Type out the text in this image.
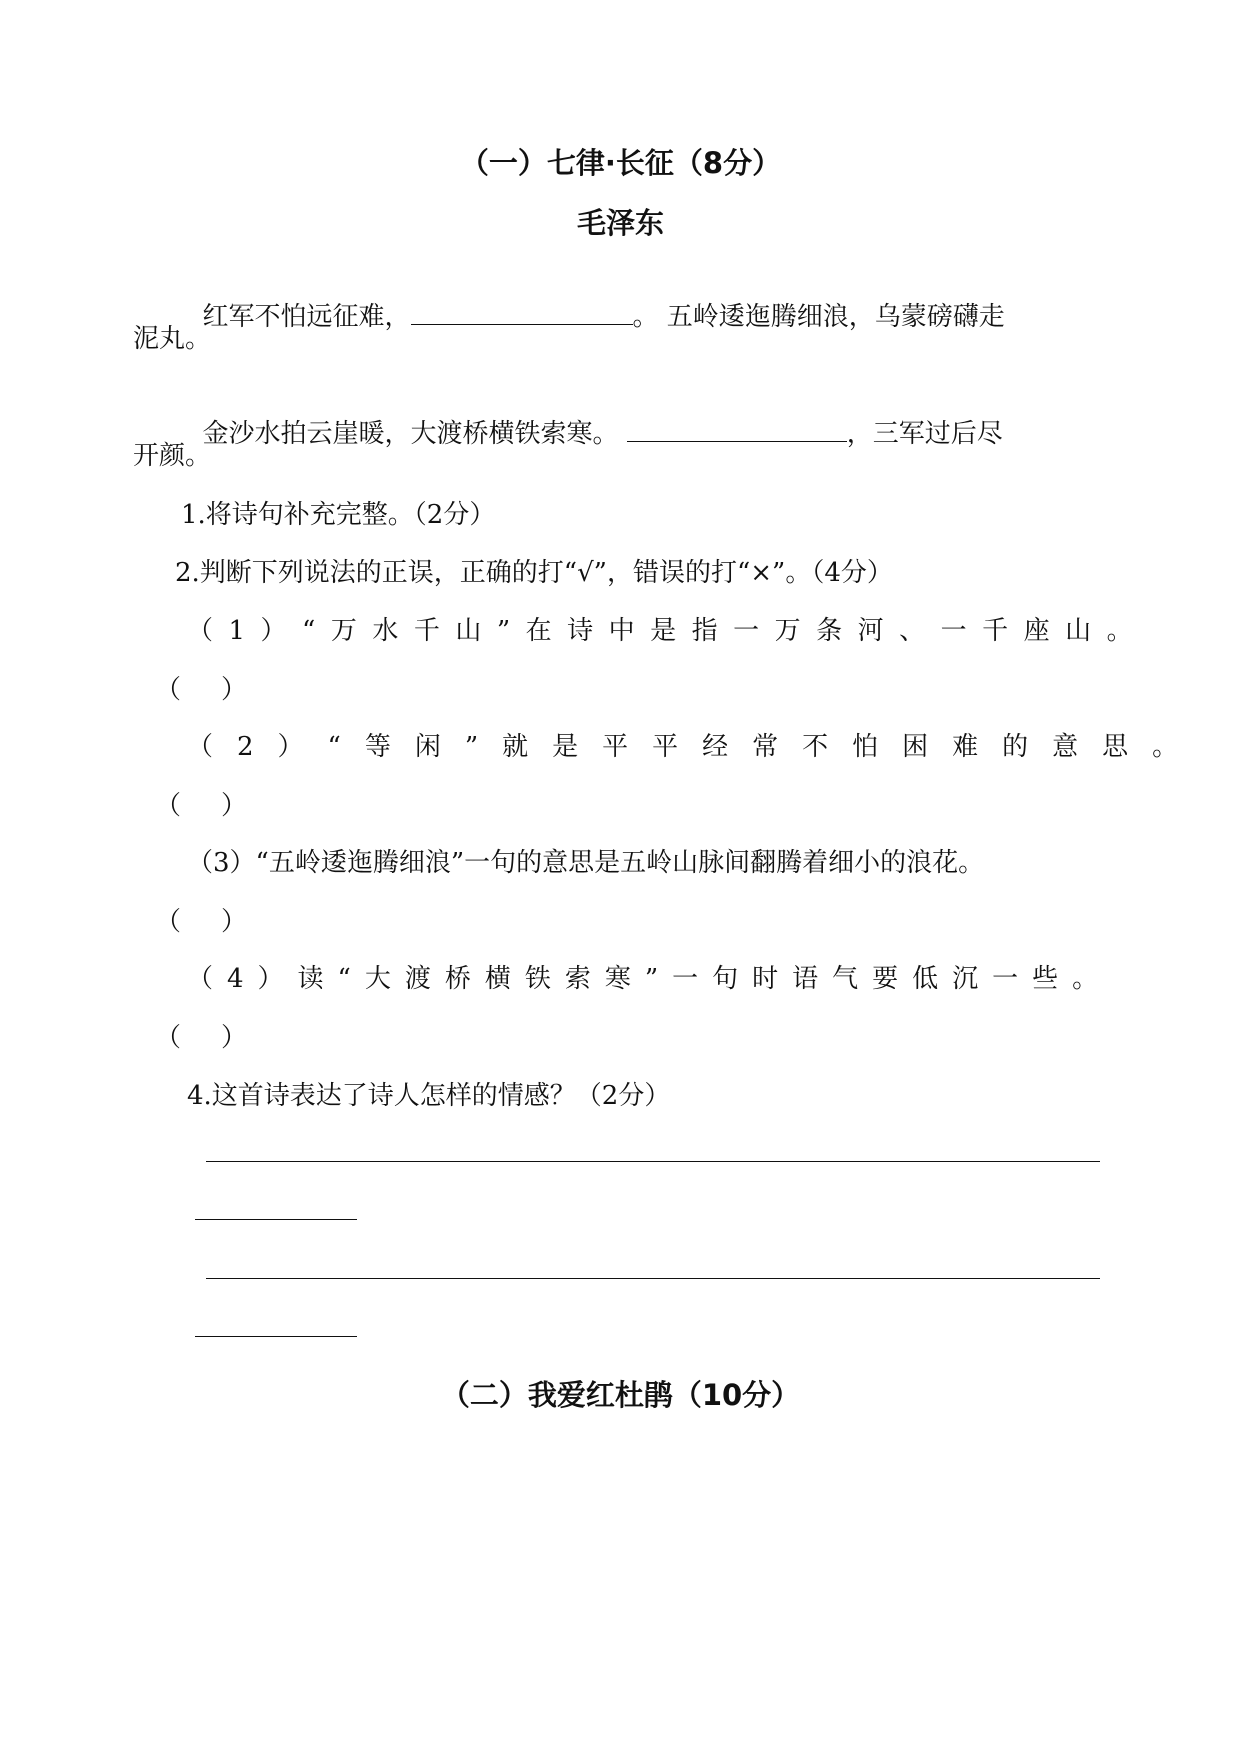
（一）七律·长征（8分）
毛泽东

红军不怕远征难，	。 五岭逶迤腾细浪，乌蒙磅礴走

泥丸。

金沙水拍云崖暖，大渡桥横铁索寒。	，三军过后尽

开颜。
1.将诗句补充完整。（2分）
2.判断下列说法的正误，正确的打“√”，错误的打“×”。（4分）
（1）“万水千山”在诗中是指一万条河、一千座山。
（ ）
（2）“等闲”就是平平经常不怕困难的意思。
（ ）
（3）“五岭逶迤腾细浪”一句的意思是五岭山脉间翻腾着细小的浪花。
（ ）
（4）读“大渡桥横铁索寒”一句时语气要低沉一些。
（ ）
4.这首诗表达了诗人怎样的情感？（2分）
（二）我爱红杜鹃（10分）
